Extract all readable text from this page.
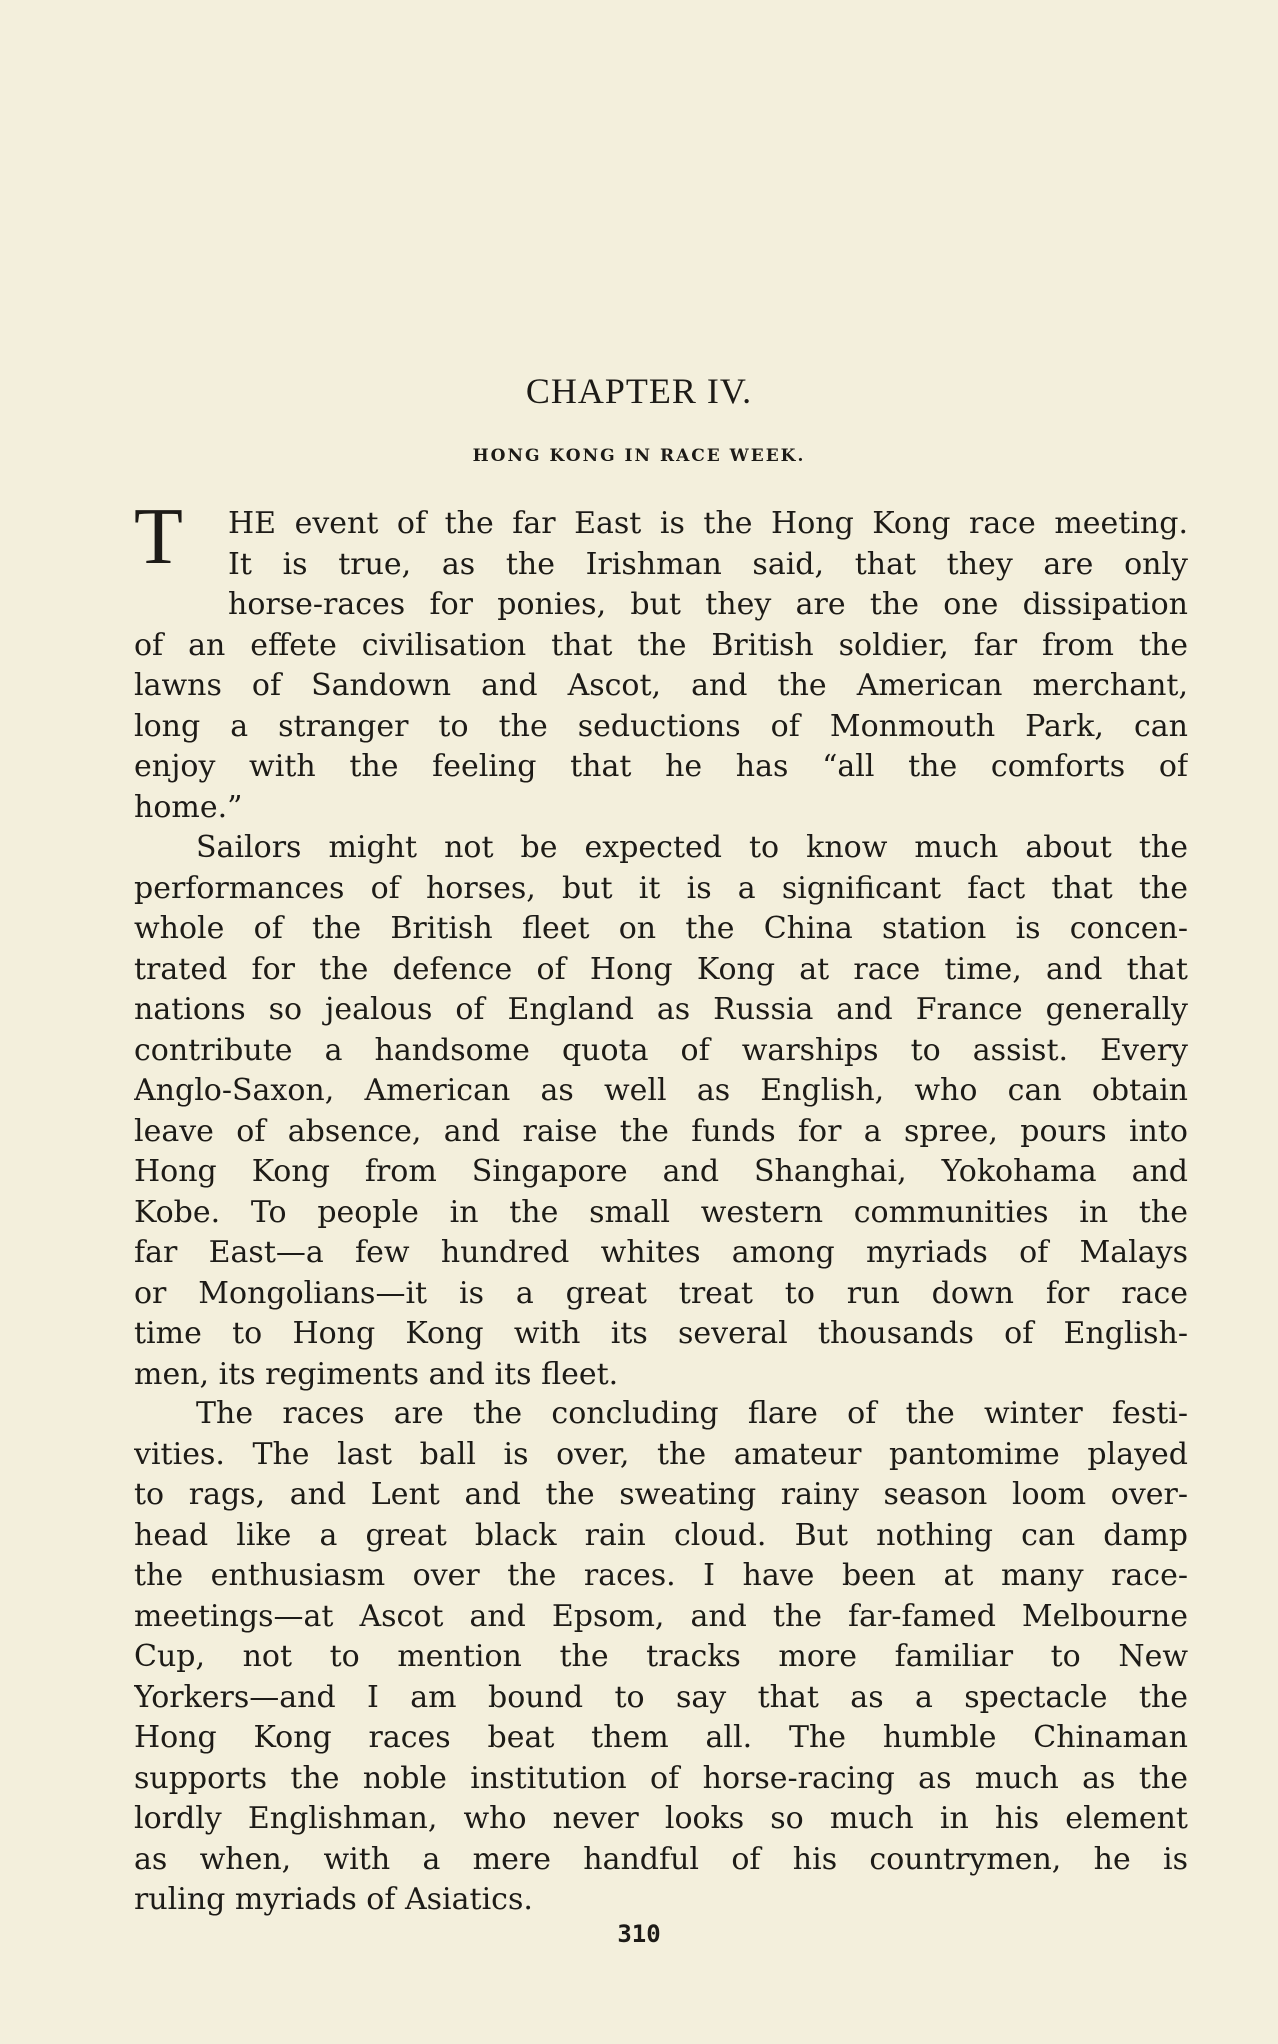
CHAPTER IV.
HONG KONG IN RACE WEEK.
T	HE event of the far East is the Hong Kong race meeting.
It is true, as the Irishman said, that they are only
horse-races for ponies, but they are the one dissipation
of an effete civilisation that the British soldier, far from the
lawns of Sandown and Ascot, and the American merchant,
long a stranger to the seductions of Monmouth Park, can
enjoy with the feeling that he has “all the comforts of
home.”
Sailors might not be expected to know much about the
performances of horses, but it is a significant fact that the
whole of the British fleet on the China station is concen-
trated for the defence of Hong Kong at race time, and that
nations so jealous of England as Russia and France generally
contribute a handsome quota of warships to assist. Every
Anglo-Saxon, American as well as English, who can obtain
leave of absence, and raise the funds for a spree, pours into
Hong Kong from Singapore and Shanghai, Yokohama and
Kobe. To people in the small western communities in the
far East—a few hundred whites among myriads of Malays
or Mongolians—it is a great treat to run down for race
time to Hong Kong with its several thousands of English-
men, its regiments and its fleet.
The races are the concluding flare of the winter festi-
vities. The last ball is over, the amateur pantomime played
to rags, and Lent and the sweating rainy season loom over-
head like a great black rain cloud. But nothing can damp
the enthusiasm over the races. I have been at many race-
meetings—at Ascot and Epsom, and the far-famed Melbourne
Cup, not to mention the tracks more familiar to New
Yorkers—and I am bound to say that as a spectacle the
Hong Kong races beat them all. The humble Chinaman
supports the noble institution of horse-racing as much as the
lordly Englishman, who never looks so much in his element
as when, with a mere handful of his countrymen, he is
ruling myriads of Asiatics.
310
